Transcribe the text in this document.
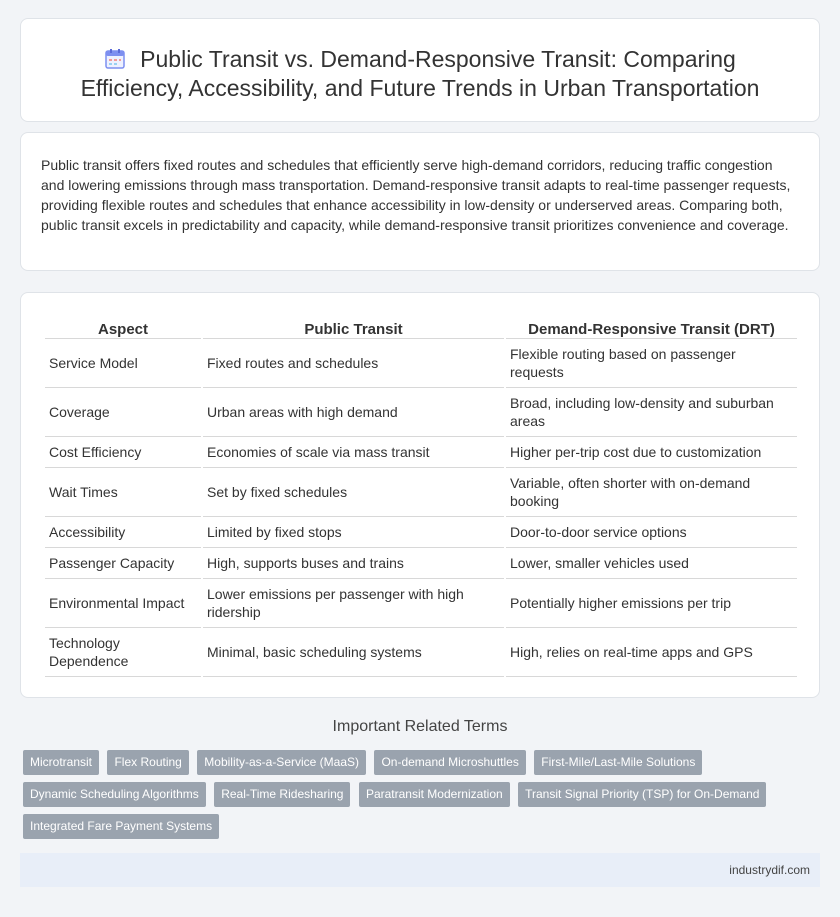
Public Transit vs. Demand-Responsive Transit: Comparing Efficiency, Accessibility, and Future Trends in Urban Transportation

Public transit offers fixed routes and schedules that efficiently serve high-demand corridors, reducing traffic congestion and lowering emissions through mass transportation. Demand-responsive transit adapts to real-time passenger requests, providing flexible routes and schedules that enhance accessibility in low-density or underserved areas. Comparing both, public transit excels in predictability and capacity, while demand-responsive transit prioritizes convenience and coverage.

Aspect	Public Transit	Demand-Responsive Transit (DRT)
Service Model	Fixed routes and schedules	Flexible routing based on passenger requests
Coverage	Urban areas with high demand	Broad, including low-density and suburban areas
Cost Efficiency	Economies of scale via mass transit	Higher per-trip cost due to customization
Wait Times	Set by fixed schedules	Variable, often shorter with on-demand booking
Accessibility	Limited by fixed stops	Door-to-door service options
Passenger Capacity	High, supports buses and trains	Lower, smaller vehicles used
Environmental Impact	Lower emissions per passenger with high ridership	Potentially higher emissions per trip
Technology Dependence	Minimal, basic scheduling systems	High, relies on real-time apps and GPS
Important Related Terms
Microtransit Flex Routing Mobility-as-a-Service (MaaS) On-demand Microshuttles First-Mile/Last-Mile Solutions Dynamic Scheduling Algorithms Real-Time Ridesharing Paratransit Modernization Transit Signal Priority (TSP) for On-Demand Integrated Fare Payment Systems
industrydif.com
